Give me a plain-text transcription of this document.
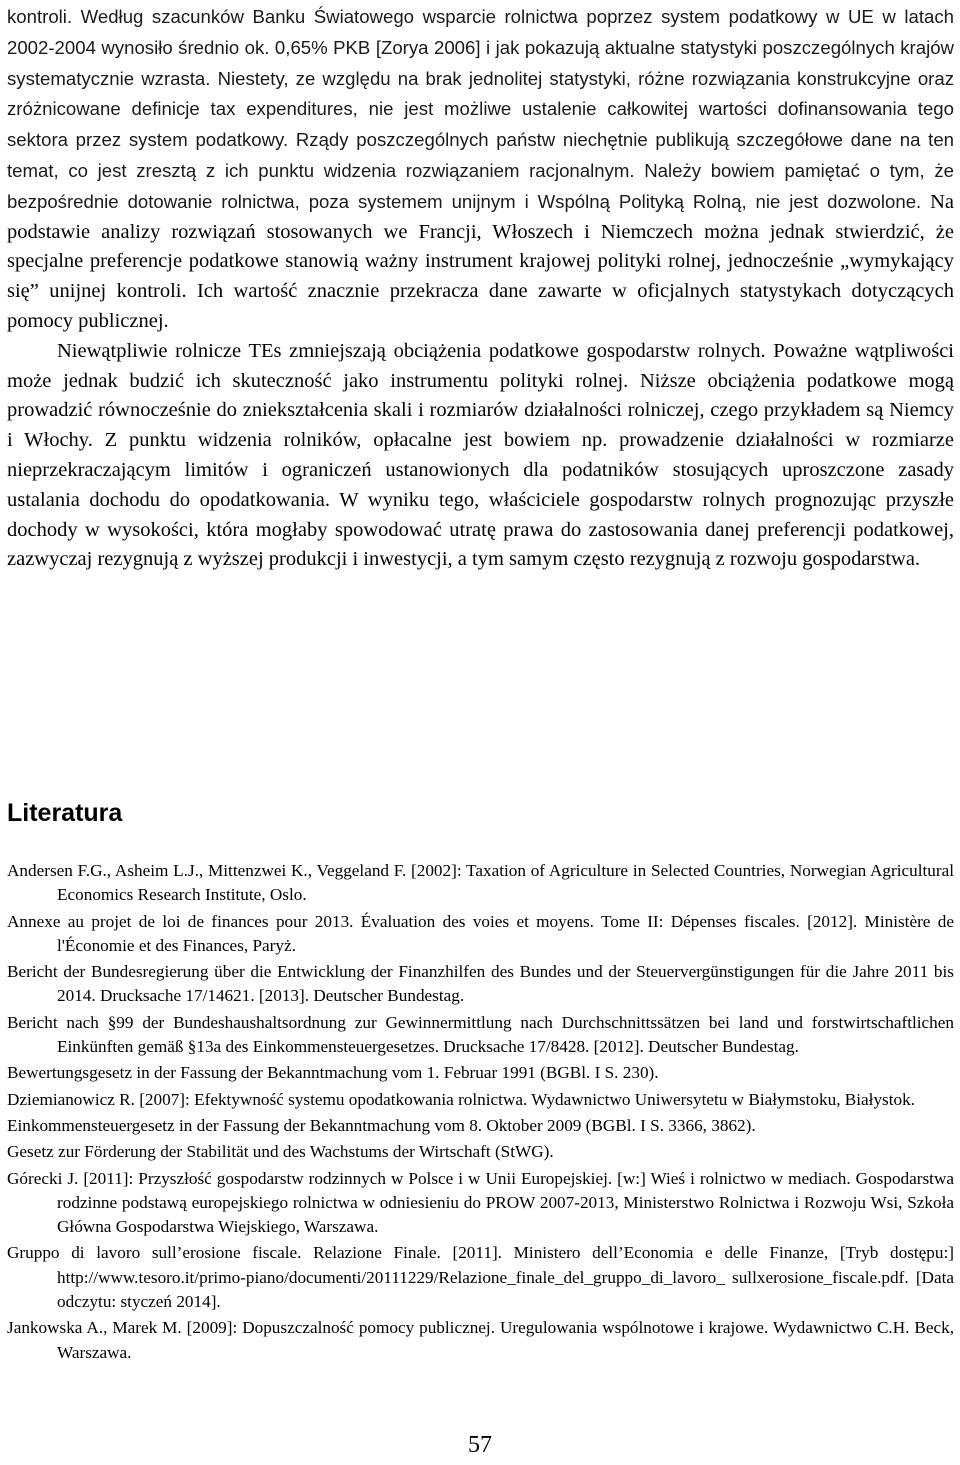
kontroli. Według szacunków Banku Światowego wsparcie rolnictwa poprzez system podatkowy w UE w latach 2002-2004 wynosiło średnio ok. 0,65% PKB [Zorya 2006] i jak pokazują aktualne statystyki poszczególnych krajów systematycznie wzrasta. Niestety, ze względu na brak jednolitej statystyki, różne rozwiązania konstrukcyjne oraz zróżnicowane definicje tax expenditures, nie jest możliwe ustalenie całkowitej wartości dofinansowania tego sektora przez system podatkowy. Rządy poszczególnych państw niechętnie publikują szczegółowe dane na ten temat, co jest zresztą z ich punktu widzenia rozwiązaniem racjonalnym. Należy bowiem pamiętać o tym, że bezpośrednie dotowanie rolnictwa, poza systemem unijnym i Wspólną Polityką Rolną, nie jest dozwolone. Na podstawie analizy rozwiązań stosowanych we Francji, Włoszech i Niemczech można jednak stwierdzić, że specjalne preferencje podatkowe stanowią ważny instrument krajowej polityki rolnej, jednocześnie „wymykający się” unijnej kontroli. Ich wartość znacznie przekracza dane zawarte w oficjalnych statystykach dotyczących pomocy publicznej.

Niewątpliwie rolnicze TEs zmniejszają obciążenia podatkowe gospodarstw rolnych. Poważne wątpliwości może jednak budzić ich skuteczność jako instrumentu polityki rolnej. Niższe obciążenia podatkowe mogą prowadzić równocześnie do zniekształcenia skali i rozmiarów działalności rolniczej, czego przykładem są Niemcy i Włochy. Z punktu widzenia rolników, opłacalne jest bowiem np. prowadzenie działalności w rozmiarze nieprzekraczającym limitów i ograniczeń ustanowionych dla podatników stosujących uproszczone zasady ustalania dochodu do opodatkowania. W wyniku tego, właściciele gospodarstw rolnych prognozując przyszłe dochody w wysokości, która mogłaby spowodować utratę prawa do zastosowania danej preferencji podatkowej, zazwyczaj rezygnują z wyższej produkcji i inwestycji, a tym samym często rezygnują z rozwoju gospodarstwa.

Literatura
Andersen F.G., Asheim L.J., Mittenzwei K., Veggeland F. [2002]: Taxation of Agriculture in Selected Countries, Norwegian Agricultural Economics Research Institute, Oslo.
Annexe au projet de loi de finances pour 2013. Évaluation des voies et moyens. Tome II: Dépenses fiscales. [2012]. Ministère de l'Économie et des Finances, Paryż.
Bericht der Bundesregierung über die Entwicklung der Finanzhilfen des Bundes und der Steuervergünstigungen für die Jahre 2011 bis 2014. Drucksache 17/14621. [2013]. Deutscher Bundestag.
Bericht nach §99 der Bundeshaushaltsordnung zur Gewinnermittlung nach Durchschnittssätzen bei land und forstwirtschaftlichen Einkünften gemäß §13a des Einkommensteuergesetzes. Drucksache 17/8428. [2012]. Deutscher Bundestag.
Bewertungsgesetz in der Fassung der Bekanntmachung vom 1. Februar 1991 (BGBl. I S. 230).
Dziemianowicz R. [2007]: Efektywność systemu opodatkowania rolnictwa. Wydawnictwo Uniwersytetu w Białymstoku, Białystok.
Einkommensteuergesetz in der Fassung der Bekanntmachung vom 8. Oktober 2009 (BGBl. I S. 3366, 3862).
Gesetz zur Förderung der Stabilität und des Wachstums der Wirtschaft (StWG).
Górecki J. [2011]: Przyszłość gospodarstw rodzinnych w Polsce i w Unii Europejskiej. [w:] Wieś i rolnictwo w mediach. Gospodarstwa rodzinne podstawą europejskiego rolnictwa w odniesieniu do PROW 2007-2013, Ministerstwo Rolnictwa i Rozwoju Wsi, Szkoła Główna Gospodarstwa Wiejskiego, Warszawa.
Gruppo di lavoro sull’erosione fiscale. Relazione Finale. [2011]. Ministero dell’Economia e delle Finanze, [Tryb dostępu:] http://www.tesoro.it/primo-piano/documenti/20111229/Relazione_finale_del_gruppo_di_lavoro_ sullxerosione_fiscale.pdf. [Data odczytu: styczeń 2014].
Jankowska A., Marek M. [2009]: Dopuszczalność pomocy publicznej. Uregulowania wspólnotowe i krajowe. Wydawnictwo C.H. Beck, Warszawa.
57
